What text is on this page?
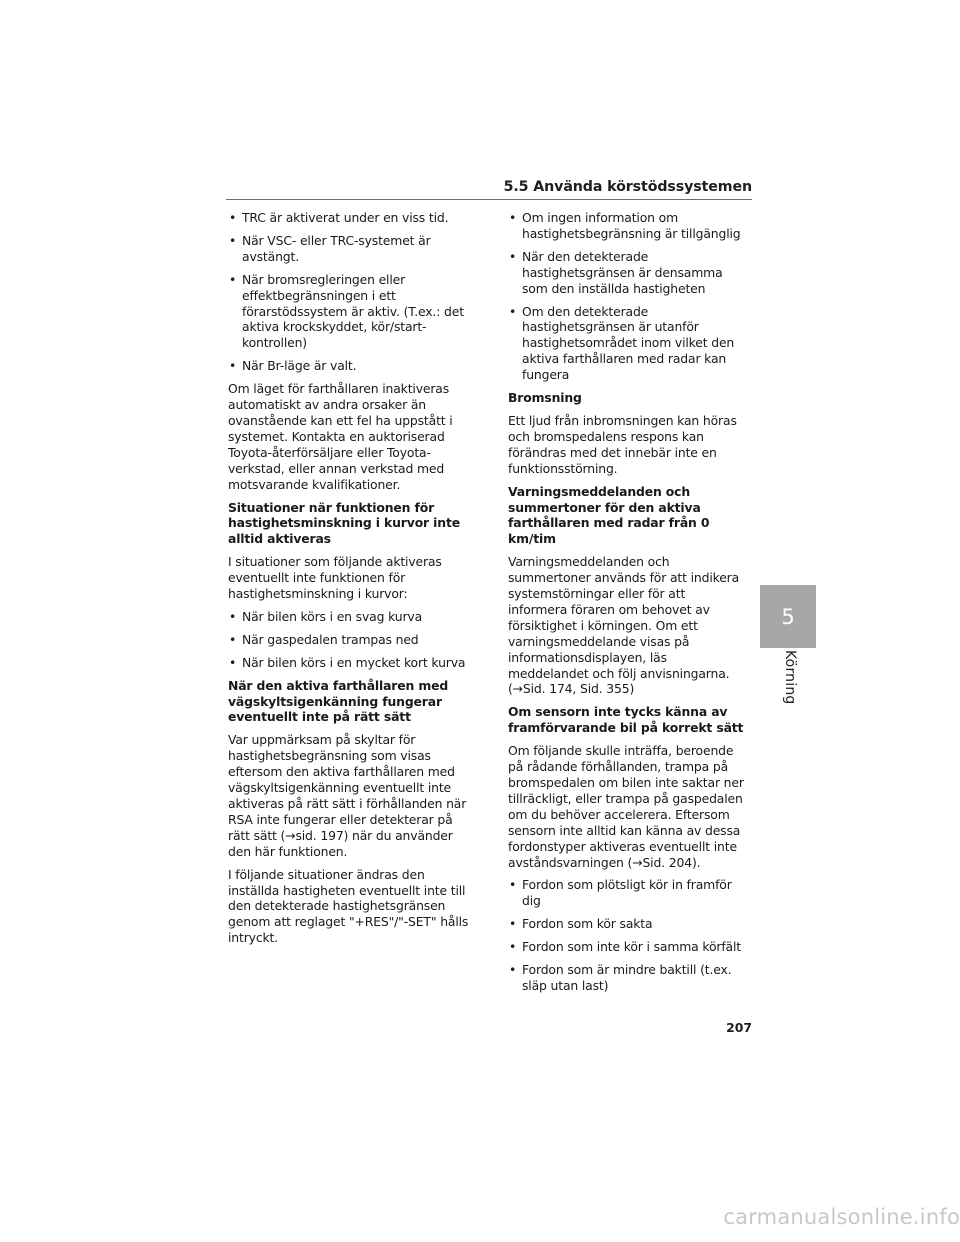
5.5 Använda körstödssystemen
• TRC är aktiverat under en viss tid.
• När VSC- eller TRC-systemet är avstängt.
• När bromsregleringen eller effektbegränsningen i ett förarstödssystem är aktiv. (T.ex.: det aktiva krockskyddet, kör/start-kontrollen)
• När Br-läge är valt.
Om läget för farthållaren inaktiveras automatiskt av andra orsaker än ovanstående kan ett fel ha uppstått i systemet. Kontakta en auktoriserad Toyota-återförsäljare eller Toyota-verkstad, eller annan verkstad med motsvarande kvalifikationer.
Situationer när funktionen för hastighetsminskning i kurvor inte alltid aktiveras
I situationer som följande aktiveras eventuellt inte funktionen för hastighetsminskning i kurvor:
• När bilen körs i en svag kurva
• När gaspedalen trampas ned
• När bilen körs i en mycket kort kurva
När den aktiva farthållaren med vägskyltsigenkänning fungerar eventuellt inte på rätt sätt
Var uppmärksam på skyltar för hastighetsbegränsning som visas eftersom den aktiva farthållaren med vägskyltsigenkänning eventuellt inte aktiveras på rätt sätt i förhållanden när RSA inte fungerar eller detekterar på rätt sätt (→sid. 197) när du använder den här funktionen.
I följande situationer ändras den inställda hastigheten eventuellt inte till den detekterade hastighetsgränsen genom att reglaget "+RES"/"-SET" hålls intryckt.
• Om ingen information om hastighetsbegränsning är tillgänglig
• När den detekterade hastighetsgränsen är densamma som den inställda hastigheten
• Om den detekterade hastighetsgränsen är utanför hastighetsområdet inom vilket den aktiva farthållaren med radar kan fungera
Bromsning
Ett ljud från inbromsningen kan höras och bromspedalens respons kan förändras med det innebär inte en funktionsstörning.
Varningsmeddelanden och summertoner för den aktiva farthållaren med radar från 0 km/tim
Varningsmeddelanden och summertoner används för att indikera systemstörningar eller för att informera föraren om behovet av försiktighet i körningen. Om ett varningsmeddelande visas på informationsdisplayen, läs meddelandet och följ anvisningarna. (→Sid. 174, Sid. 355)
Om sensorn inte tycks känna av framförvarande bil på korrekt sätt
Om följande skulle inträffa, beroende på rådande förhållanden, trampa på bromspedalen om bilen inte saktar ner tillräckligt, eller trampa på gaspedalen om du behöver accelerera. Eftersom sensorn inte alltid kan känna av dessa fordonstyper aktiveras eventuellt inte avståndsvarningen (→Sid. 204).
• Fordon som plötsligt kör in framför dig
• Fordon som kör sakta
• Fordon som inte kör i samma körfält
• Fordon som är mindre baktill (t.ex. släp utan last)
5
Körning
207
carmanualsonline.info
